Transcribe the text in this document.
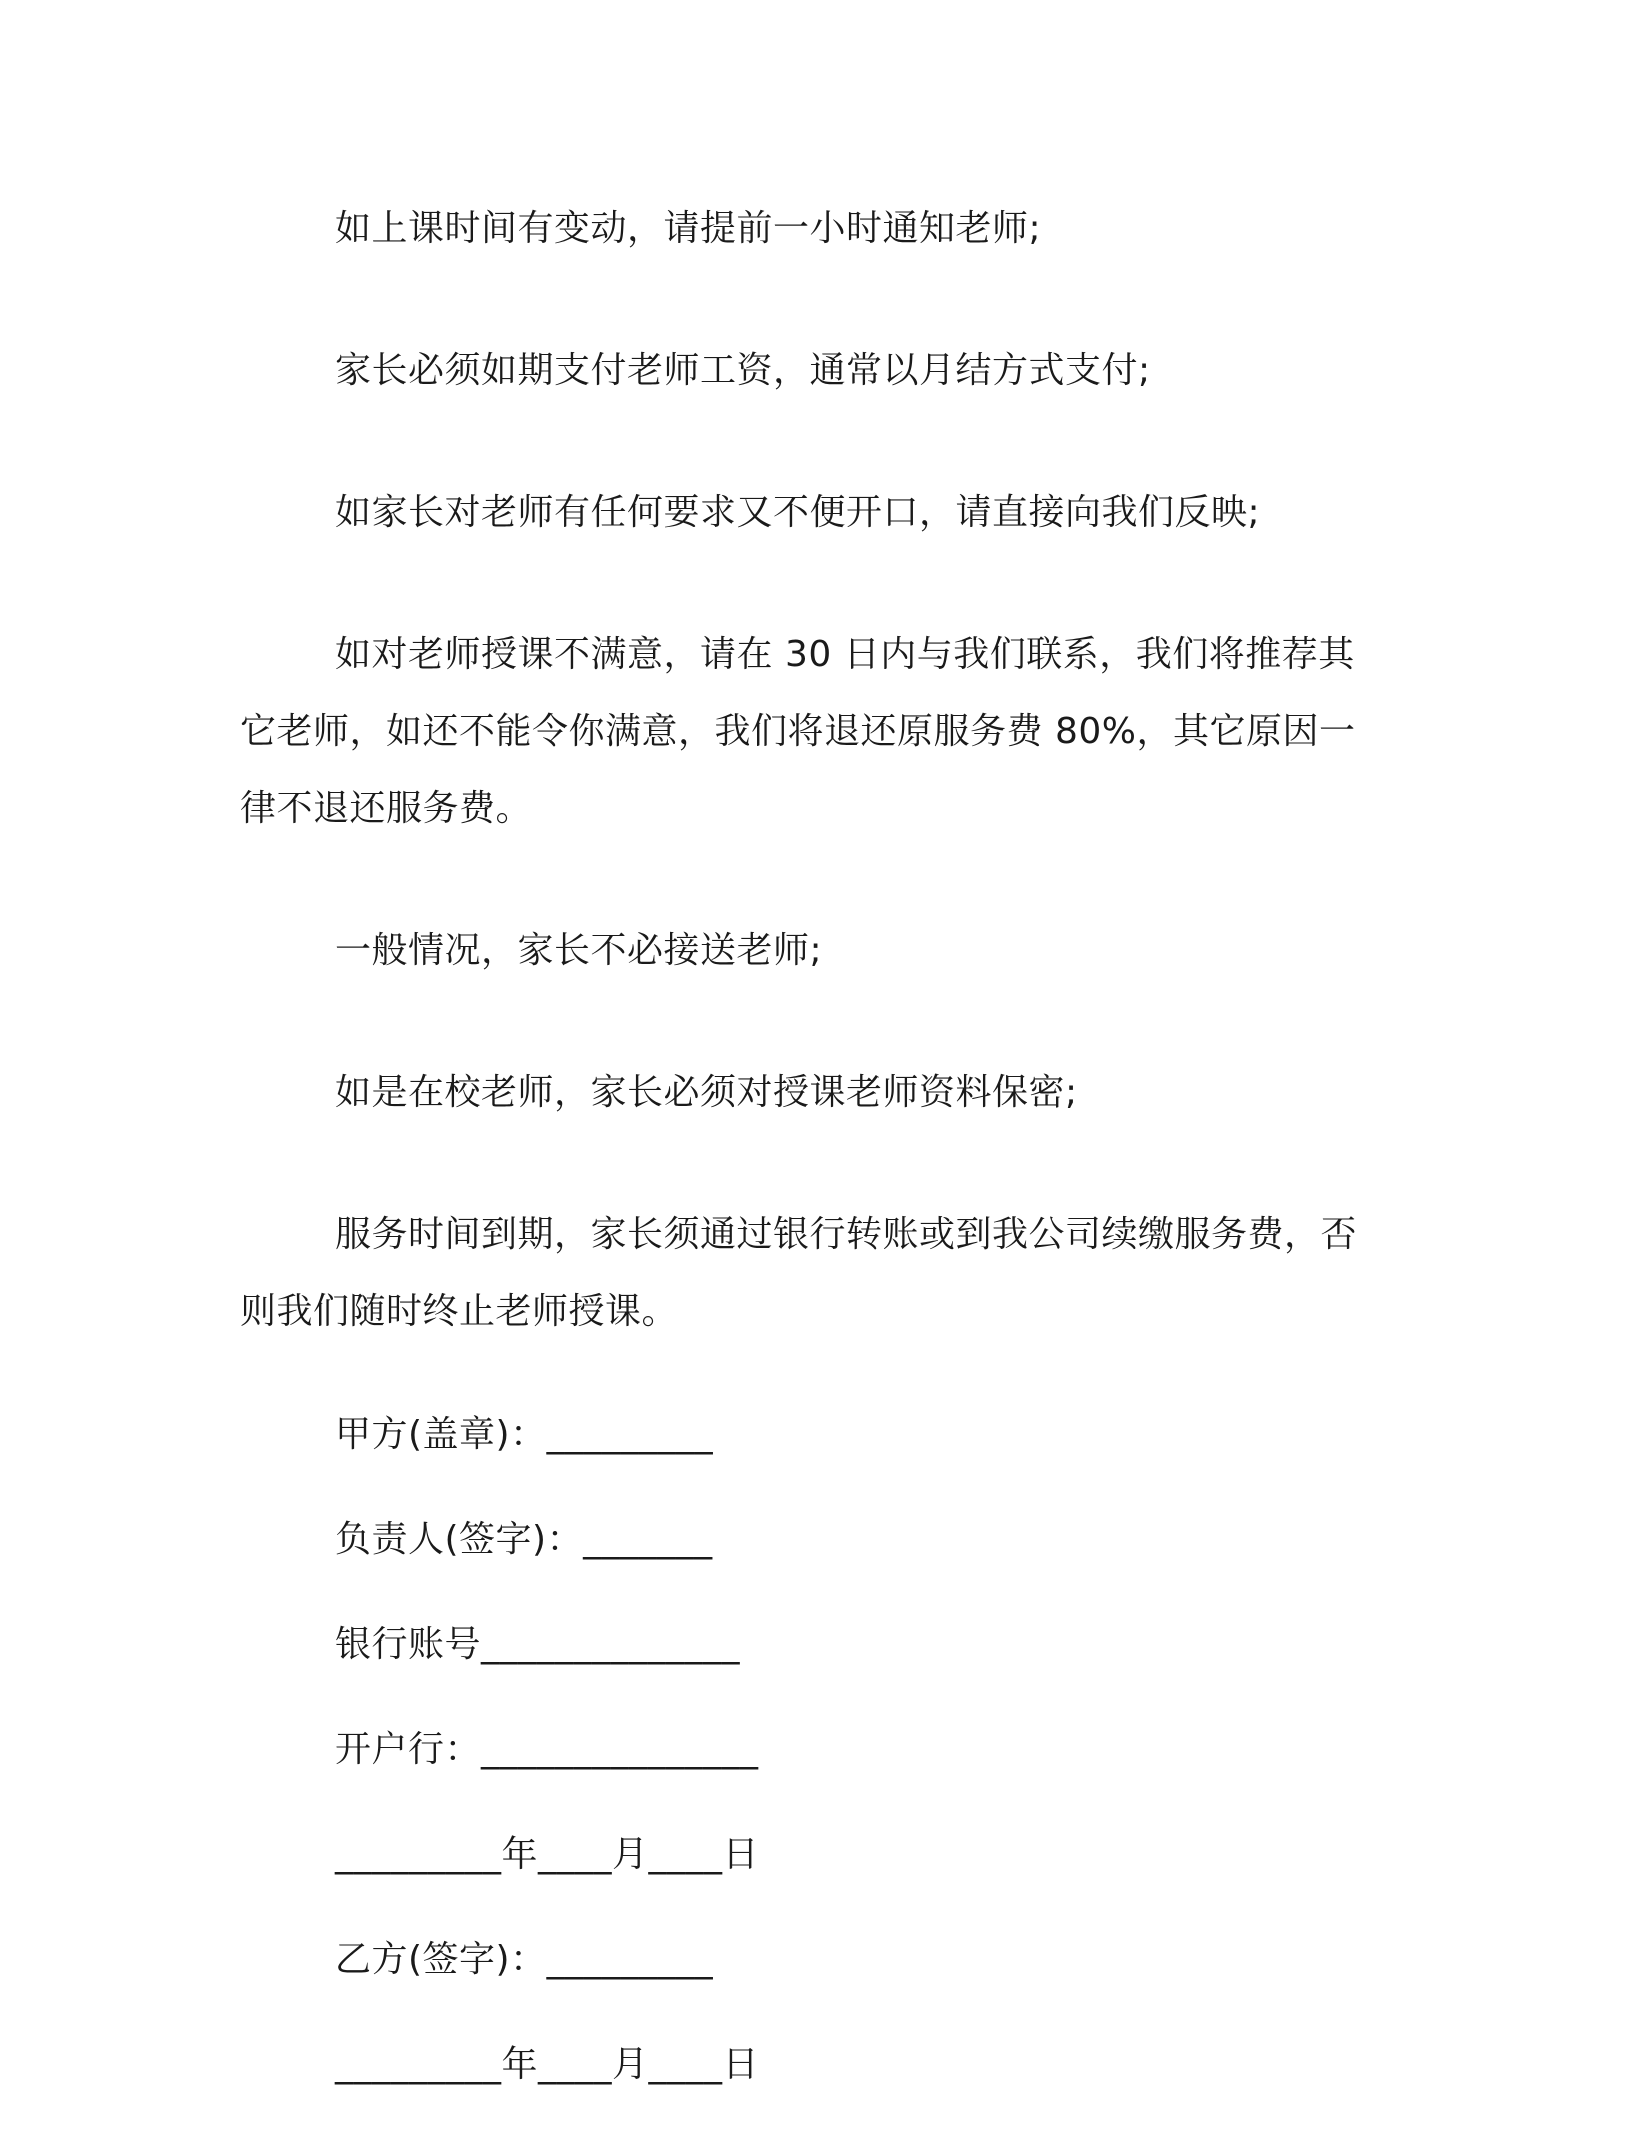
如上课时间有变动，请提前一小时通知老师;

家长必须如期支付老师工资，通常以月结方式支付;

如家长对老师有任何要求又不便开口，请直接向我们反映;

如对老师授课不满意，请在 30 日内与我们联系，我们将推荐其它老师，如还不能令你满意，我们将退还原服务费 80%，其它原因一律不退还服务费。

一般情况，家长不必接送老师;

如是在校老师，家长必须对授课老师资料保密;

服务时间到期，家长须通过银行转账或到我公司续缴服务费，否则我们随时终止老师授课。

甲方(盖章)：_________
负责人(签字)：_______
银行账号______________
开户行：_______________
_________年____月____日
乙方(签字)：_________
_________年____月____日
